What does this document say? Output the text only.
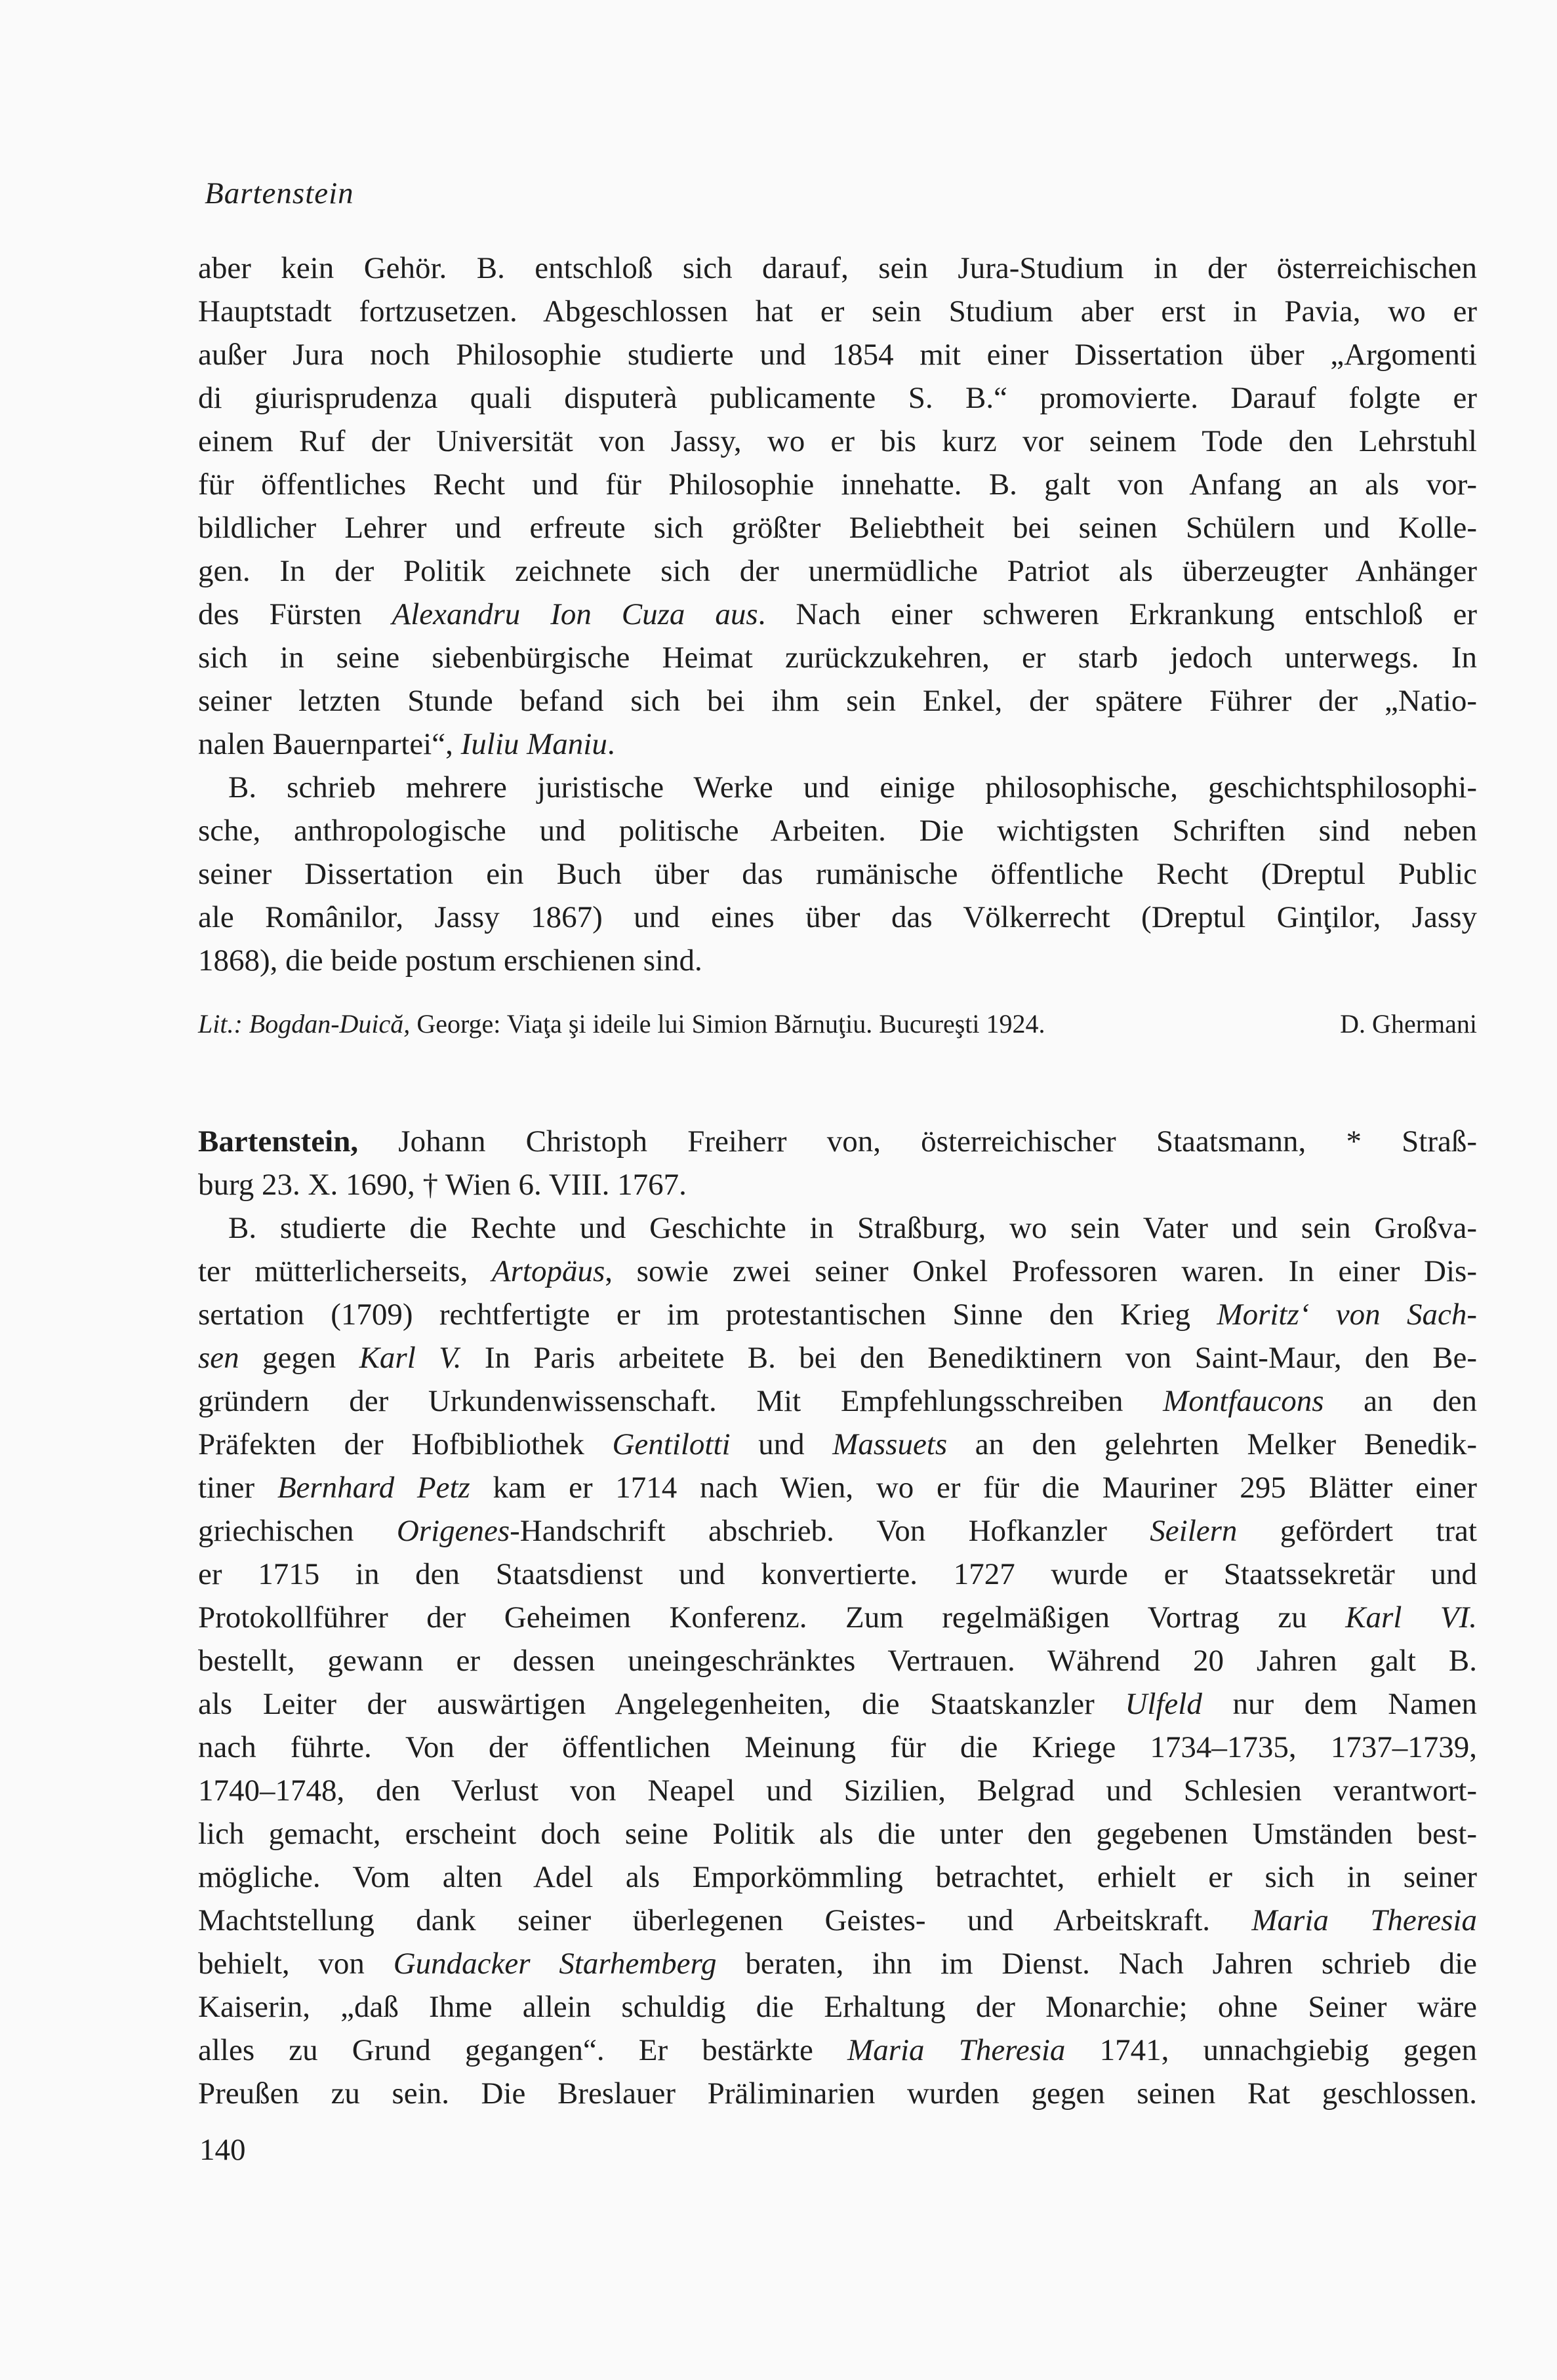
Bartenstein
aber kein Gehör. B. entschloß sich darauf, sein Jura-Studium in der österreichischen
Hauptstadt fortzusetzen. Abgeschlossen hat er sein Studium aber erst in Pavia, wo er
außer Jura noch Philosophie studierte und 1854 mit einer Dissertation über „Argomenti
di giurisprudenza quali disputerà publicamente S. B.“ promovierte. Darauf folgte er
einem Ruf der Universität von Jassy, wo er bis kurz vor seinem Tode den Lehrstuhl
für öffentliches Recht und für Philosophie innehatte. B. galt von Anfang an als vor-
bildlicher Lehrer und erfreute sich größter Beliebtheit bei seinen Schülern und Kolle-
gen. In der Politik zeichnete sich der unermüdliche Patriot als überzeugter Anhänger
des Fürsten Alexandru Ion Cuza aus. Nach einer schweren Erkrankung entschloß er
sich in seine siebenbürgische Heimat zurückzukehren, er starb jedoch unterwegs. In
seiner letzten Stunde befand sich bei ihm sein Enkel, der spätere Führer der „Natio-
nalen Bauernpartei“, Iuliu Maniu.
B. schrieb mehrere juristische Werke und einige philosophische, geschichtsphilosophi-
sche, anthropologische und politische Arbeiten. Die wichtigsten Schriften sind neben
seiner Dissertation ein Buch über das rumänische öffentliche Recht (Dreptul Public
ale Românilor, Jassy 1867) und eines über das Völkerrecht (Dreptul Ginţilor, Jassy
1868), die beide postum erschienen sind.
Lit.: Bogdan-Duică, George: Viaţa şi ideile lui Simion Bărnuţiu. Bucureşti 1924.	D. Ghermani
Bartenstein, Johann Christoph Freiherr von, österreichischer Staatsmann, * Straß-
burg 23. X. 1690, † Wien 6. VIII. 1767.
B. studierte die Rechte und Geschichte in Straßburg, wo sein Vater und sein Großva-
ter mütterlicherseits, Artopäus, sowie zwei seiner Onkel Professoren waren. In einer Dis-
sertation (1709) rechtfertigte er im protestantischen Sinne den Krieg Moritz‘ von Sach-
sen gegen Karl V. In Paris arbeitete B. bei den Benediktinern von Saint-Maur, den Be-
gründern der Urkundenwissenschaft. Mit Empfehlungsschreiben Montfaucons an den
Präfekten der Hofbibliothek Gentilotti und Massuets an den gelehrten Melker Benedik-
tiner Bernhard Petz kam er 1714 nach Wien, wo er für die Mauriner 295 Blätter einer
griechischen Origenes-Handschrift abschrieb. Von Hofkanzler Seilern gefördert trat
er 1715 in den Staatsdienst und konvertierte. 1727 wurde er Staatssekretär und
Protokollführer der Geheimen Konferenz. Zum regelmäßigen Vortrag zu Karl VI.
bestellt, gewann er dessen uneingeschränktes Vertrauen. Während 20 Jahren galt B.
als Leiter der auswärtigen Angelegenheiten, die Staatskanzler Ulfeld nur dem Namen
nach führte. Von der öffentlichen Meinung für die Kriege 1734–1735, 1737–1739,
1740–1748, den Verlust von Neapel und Sizilien, Belgrad und Schlesien verantwort-
lich gemacht, erscheint doch seine Politik als die unter den gegebenen Umständen best-
mögliche. Vom alten Adel als Emporkömmling betrachtet, erhielt er sich in seiner
Machtstellung dank seiner überlegenen Geistes- und Arbeitskraft. Maria Theresia
behielt, von Gundacker Starhemberg beraten, ihn im Dienst. Nach Jahren schrieb die
Kaiserin, „daß Ihme allein schuldig die Erhaltung der Monarchie; ohne Seiner wäre
alles zu Grund gegangen“. Er bestärkte Maria Theresia 1741, unnachgiebig gegen
Preußen zu sein. Die Breslauer Präliminarien wurden gegen seinen Rat geschlossen.
140
